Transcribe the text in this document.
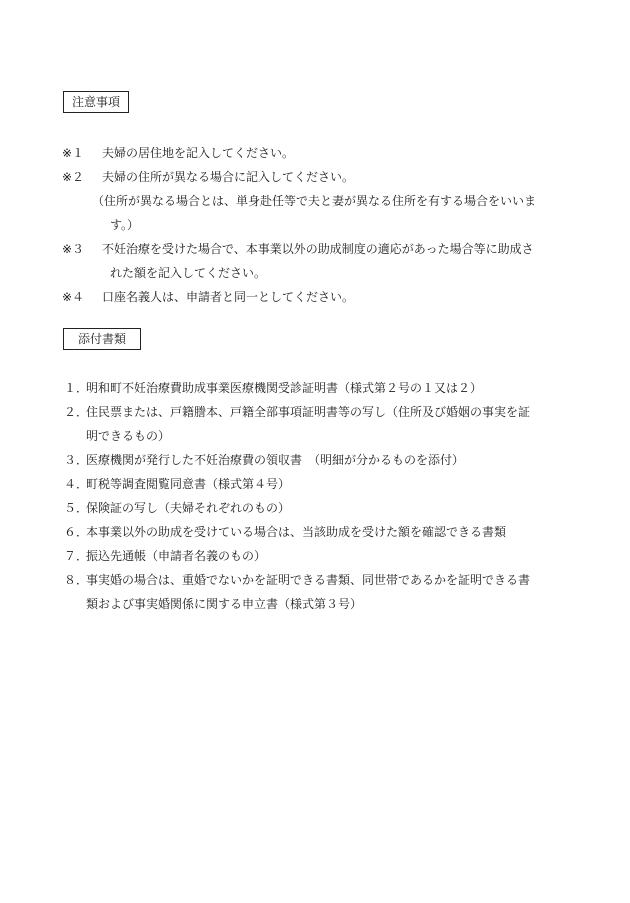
注意事項
※１ 夫婦の居住地を記入してください。

※２ 夫婦の住所が異なる場合に記入してください。

（住所が異なる場合とは、単身赴任等で夫と妻が異なる住所を有する場合をいいま
す。）
※３ 不妊治療を受けた場合で、本事業以外の助成制度の適応があった場合等に助成さ

れた額を記入してください。
※４ 口座名義人は、申請者と同一としてください。

添付書類
１．
明和町不妊治療費助成事業医療機関受診証明書（様式第２号の１又は２）

２．
住民票または、戸籍謄本、戸籍全部事項証明書等の写し（住所及び婚姻の事実を証

明できるもの）
３．
医療機関が発行した不妊治療費の領収書　（明細が分かるものを添付）

４．
町税等調査閲覧同意書（様式第４号）

５．
保険証の写し（夫婦それぞれのもの）

６．
本事業以外の助成を受けている場合は、当該助成を受けた額を確認できる書類

７．
振込先通帳（申請者名義のもの）

８．
事実婚の場合は、重婚でないかを証明できる書類、同世帯であるかを証明できる書

類および事実婚関係に関する申立書（様式第３号）
